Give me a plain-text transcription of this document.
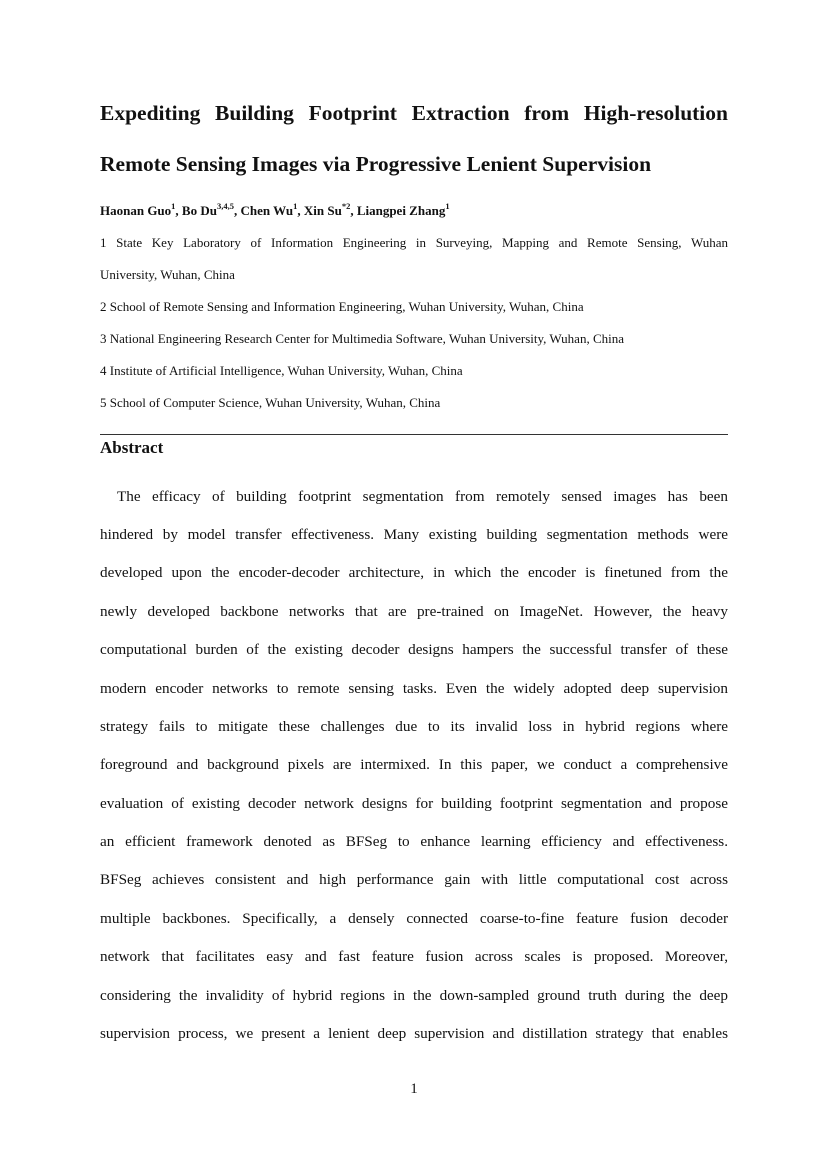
Expediting Building Footprint Extraction from High-resolution
Remote Sensing Images via Progressive Lenient Supervision
Haonan Guo$^1$, Bo Du$^{3,4,5}$, Chen Wu$^1$, Xin Su$^{*2}$, Liangpei Zhang$^1$
1 State Key Laboratory of Information Engineering in Surveying, Mapping and Remote Sensing, Wuhan
University, Wuhan, China
2 School of Remote Sensing and Information Engineering, Wuhan University, Wuhan, China
3 National Engineering Research Center for Multimedia Software, Wuhan University, Wuhan, China
4 Institute of Artificial Intelligence, Wuhan University, Wuhan, China
5 School of Computer Science, Wuhan University, Wuhan, China
Abstract
The efficacy of building footprint segmentation from remotely sensed images has been
hindered by model transfer effectiveness. Many existing building segmentation methods were
developed upon the encoder-decoder architecture, in which the encoder is finetuned from the
newly developed backbone networks that are pre-trained on ImageNet. However, the heavy
computational burden of the existing decoder designs hampers the successful transfer of these
modern encoder networks to remote sensing tasks. Even the widely adopted deep supervision
strategy fails to mitigate these challenges due to its invalid loss in hybrid regions where
foreground and background pixels are intermixed. In this paper, we conduct a comprehensive
evaluation of existing decoder network designs for building footprint segmentation and propose
an efficient framework denoted as BFSeg to enhance learning efficiency and effectiveness.
BFSeg achieves consistent and high performance gain with little computational cost across
multiple backbones. Specifically, a densely connected coarse-to-fine feature fusion decoder
network that facilitates easy and fast feature fusion across scales is proposed. Moreover,
considering the invalidity of hybrid regions in the down-sampled ground truth during the deep
supervision process, we present a lenient deep supervision and distillation strategy that enables
1
